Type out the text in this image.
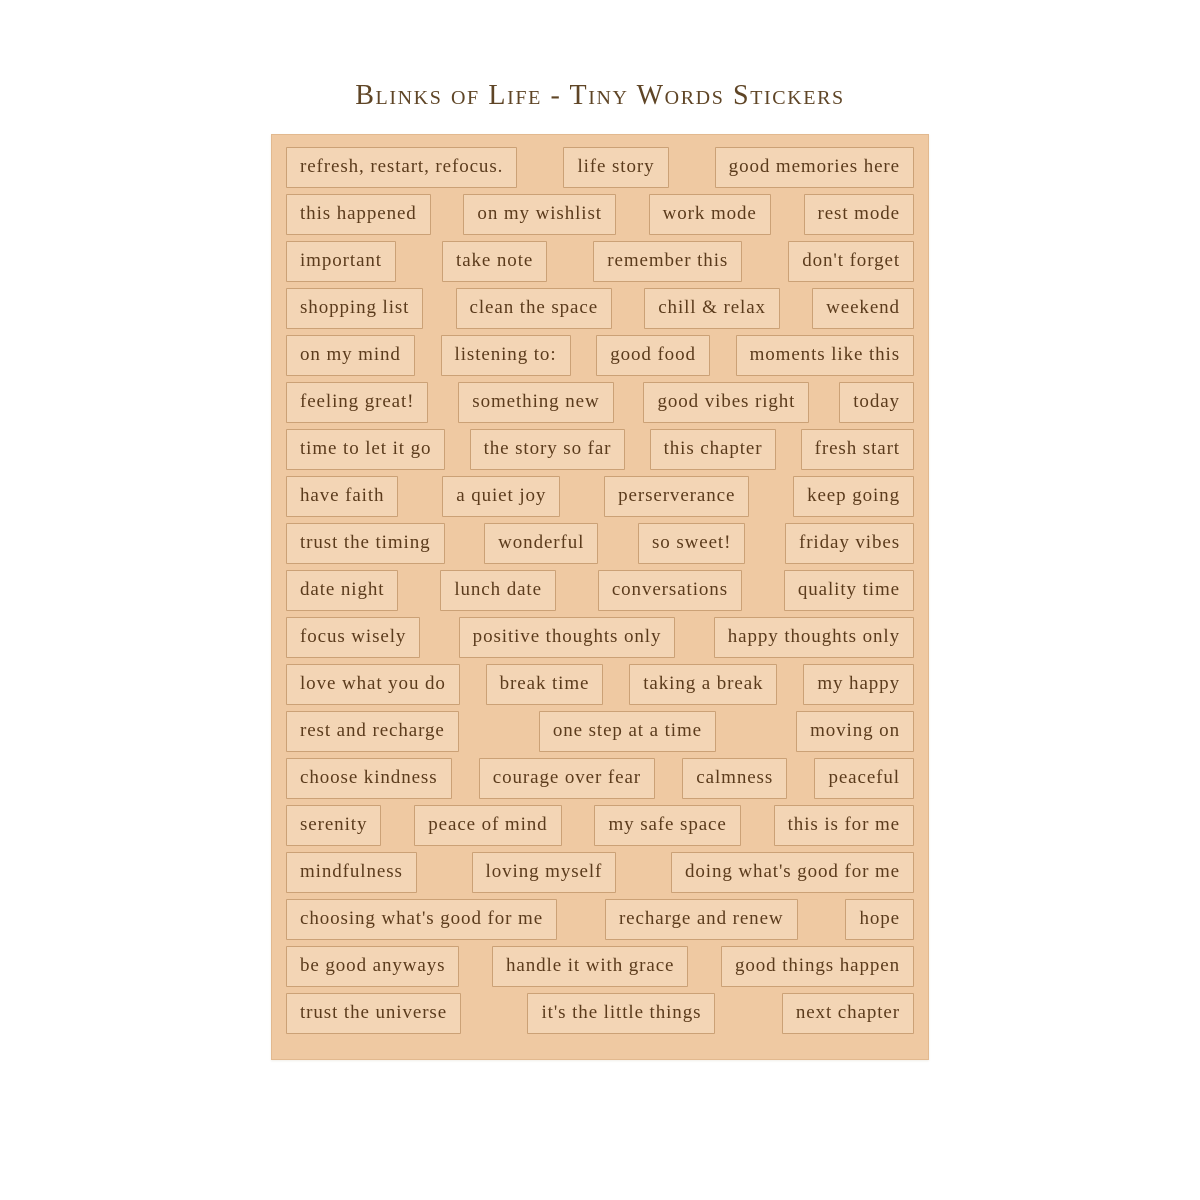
Blinks of Life - Tiny Words Stickers
refresh, restart, refocus.	life story	good memories here
this happened	on my wishlist	work mode	rest mode
important	take note	remember this	don't forget
shopping list	clean the space	chill & relax	weekend
on my mind	listening to:	good food	moments like this
feeling great!	something new	good vibes right	today
time to let it go	the story so far	this chapter	fresh start
have faith	a quiet joy	perserverance	keep going
trust the timing	wonderful	so sweet!	friday vibes
date night	lunch date	conversations	quality time
focus wisely	positive thoughts only	happy thoughts only
love what you do	break time	taking a break	my happy
rest and recharge	one step at a time	moving on
choose kindness	courage over fear	calmness	peaceful
serenity	peace of mind	my safe space	this is for me
mindfulness	loving myself	doing what's good for me
choosing what's good for me	recharge and renew	hope
be good anyways	handle it with grace	good things happen
trust the universe	it's the little things	next chapter
